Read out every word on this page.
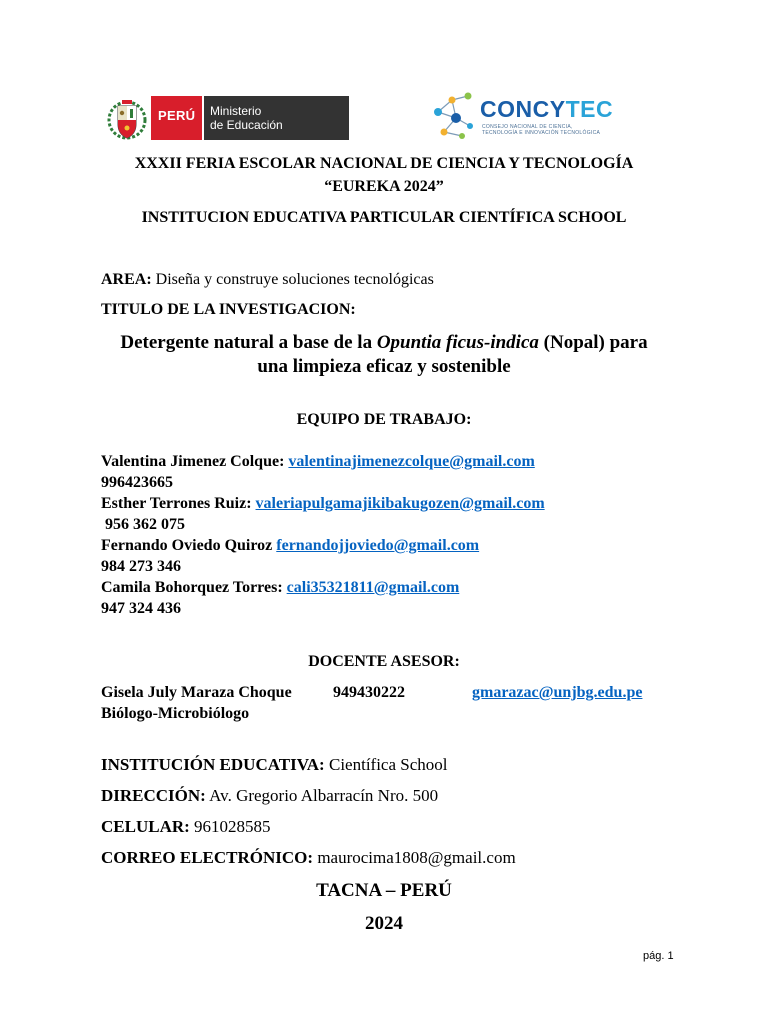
PERÚ Ministerio
de Educación
CONCYTEC
CONSEJO NACIONAL DE CIENCIA,
TECNOLOGÍA E INNOVACIÓN TECNOLÓGICA
XXXII FERIA ESCOLAR NACIONAL DE CIENCIA Y TECNOLOGÍA
“EUREKA 2024”
INSTITUCION EDUCATIVA PARTICULAR CIENTÍFICA SCHOOL
AREA: Diseña y construye soluciones tecnológicas
TITULO DE LA INVESTIGACION:
Detergente natural a base de la Opuntia ficus-indica (Nopal) para
una limpieza eficaz y sostenible
EQUIPO DE TRABAJO:
Valentina Jimenez Colque: valentinajimenezcolque@gmail.com
996423665
Esther Terrones Ruiz: valeriapulgamajikibakugozen@gmail.com
956 362 075
Fernando Oviedo Quiroz fernandojjoviedo@gmail.com
984 273 346
Camila Bohorquez Torres: cali35321811@gmail.com
947 324 436
DOCENTE ASESOR:
Gisela July Maraza Choque	949430222	gmarazac@unjbg.edu.pe
Biólogo-Microbiólogo
INSTITUCIÓN EDUCATIVA: Científica School
DIRECCIÓN: Av. Gregorio Albarracín Nro. 500
CELULAR: 961028585
CORREO ELECTRÓNICO: maurocima1808@gmail.com
TACNA – PERÚ
2024
pág. 1
